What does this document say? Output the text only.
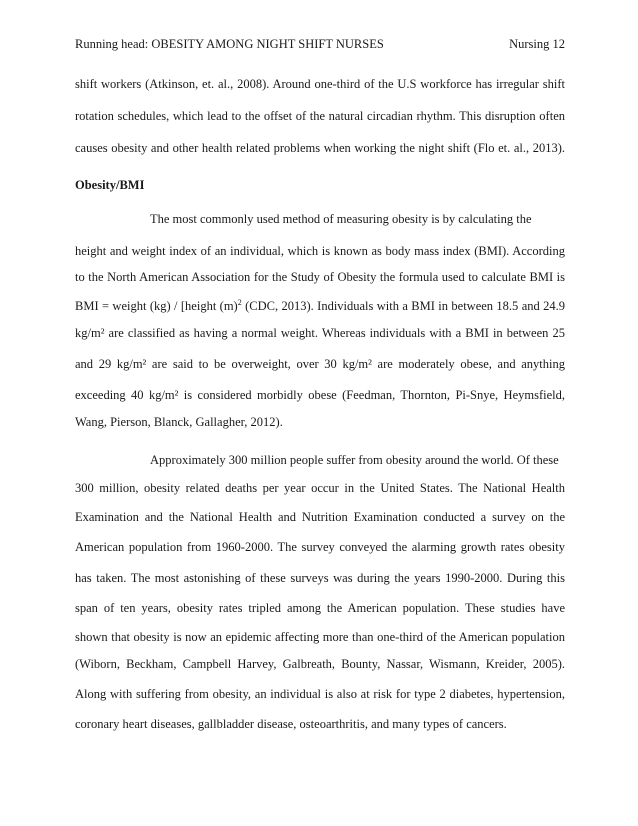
Running head: OBESITY AMONG NIGHT SHIFT NURSES	Nursing 12
shift workers (Atkinson, et. al., 2008). Around one-third of the U.S workforce has irregular shift
rotation schedules, which lead to the offset of the natural circadian rhythm. This disruption often
causes obesity and other health related problems when working the night shift (Flo et. al., 2013).
Obesity/BMI
The most commonly used method of measuring obesity is by calculating the
height and weight index of an individual, which is known as body mass index (BMI). According
to the North American Association for the Study of Obesity the formula used to calculate BMI is
BMI = weight (kg) / [height $(m)^2$ (CDC, 2013). Individuals with a BMI in between 18.5 and 24.9
kg/m² are classified as having a normal weight. Whereas individuals with a BMI in between 25
and 29 kg/m² are said to be overweight, over 30 kg/m² are moderately obese, and anything
exceeding 40 kg/m² is considered morbidly obese (Feedman, Thornton, Pi-Snye, Heymsfield,
Wang, Pierson, Blanck, Gallagher, 2012).
Approximately 300 million people suffer from obesity around the world. Of these
300 million, obesity related deaths per year occur in the United States. The National Health
Examination and the National Health and Nutrition Examination conducted a survey on the
American population from 1960-2000. The survey conveyed the alarming growth rates obesity
has taken. The most astonishing of these surveys was during the years 1990-2000. During this
span of ten years, obesity rates tripled among the American population. These studies have
shown that obesity is now an epidemic affecting more than one-third of the American population
(Wiborn, Beckham, Campbell Harvey, Galbreath, Bounty, Nassar, Wismann, Kreider, 2005).
Along with suffering from obesity, an individual is also at risk for type 2 diabetes, hypertension,
coronary heart diseases, gallbladder disease, osteoarthritis, and many types of cancers.
